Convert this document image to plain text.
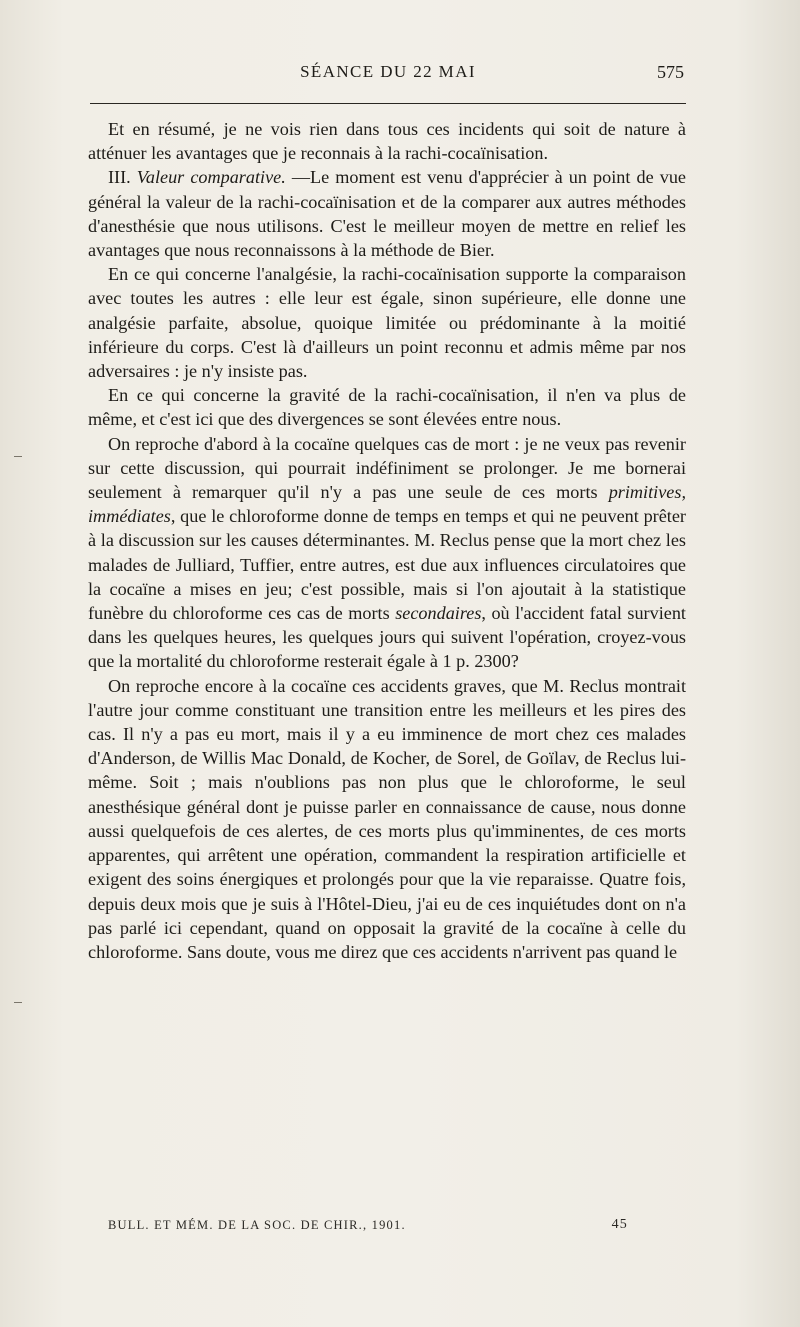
SÉANCE DU 22 MAI	575

Et en résumé, je ne vois rien dans tous ces incidents qui soit de nature à atténuer les avantages que je reconnais à la rachi-cocaïnisation.

III. Valeur comparative. —Le moment est venu d'apprécier à un point de vue général la valeur de la rachi-cocaïnisation et de la comparer aux autres méthodes d'anesthésie que nous utilisons. C'est le meilleur moyen de mettre en relief les avantages que nous reconnaissons à la méthode de Bier.

En ce qui concerne l'analgésie, la rachi-cocaïnisation supporte la comparaison avec toutes les autres : elle leur est égale, sinon supérieure, elle donne une analgésie parfaite, absolue, quoique limitée ou prédominante à la moitié inférieure du corps. C'est là d'ailleurs un point reconnu et admis même par nos adversaires : je n'y insiste pas.

En ce qui concerne la gravité de la rachi-cocaïnisation, il n'en va plus de même, et c'est ici que des divergences se sont élevées entre nous.

On reproche d'abord à la cocaïne quelques cas de mort : je ne veux pas revenir sur cette discussion, qui pourrait indéfiniment se prolonger. Je me bornerai seulement à remarquer qu'il n'y a pas une seule de ces morts primitives, immédiates, que le chloroforme donne de temps en temps et qui ne peuvent prêter à la discussion sur les causes déterminantes. M. Reclus pense que la mort chez les malades de Julliard, Tuffier, entre autres, est due aux influences circulatoires que la cocaïne a mises en jeu; c'est possible, mais si l'on ajoutait à la statistique funèbre du chloroforme ces cas de morts secondaires, où l'accident fatal survient dans les quelques heures, les quelques jours qui suivent l'opération, croyez-vous que la mortalité du chloroforme resterait égale à 1 p. 2300?

On reproche encore à la cocaïne ces accidents graves, que M. Reclus montrait l'autre jour comme constituant une transition entre les meilleurs et les pires des cas. Il n'y a pas eu mort, mais il y a eu imminence de mort chez ces malades d'Anderson, de Willis Mac Donald, de Kocher, de Sorel, de Goïlav, de Reclus lui-même. Soit ; mais n'oublions pas non plus que le chloroforme, le seul anesthésique général dont je puisse parler en connaissance de cause, nous donne aussi quelquefois de ces alertes, de ces morts plus qu'imminentes, de ces morts apparentes, qui arrêtent une opération, commandent la respiration artificielle et exigent des soins énergiques et prolongés pour que la vie reparaisse. Quatre fois, depuis deux mois que je suis à l'Hôtel-Dieu, j'ai eu de ces inquiétudes dont on n'a pas parlé ici cependant, quand on opposait la gravité de la cocaïne à celle du chloroforme. Sans doute, vous me direz que ces accidents n'arrivent pas quand le

BULL. ET MÉM. DE LA SOC. DE CHIR., 1901.	45
